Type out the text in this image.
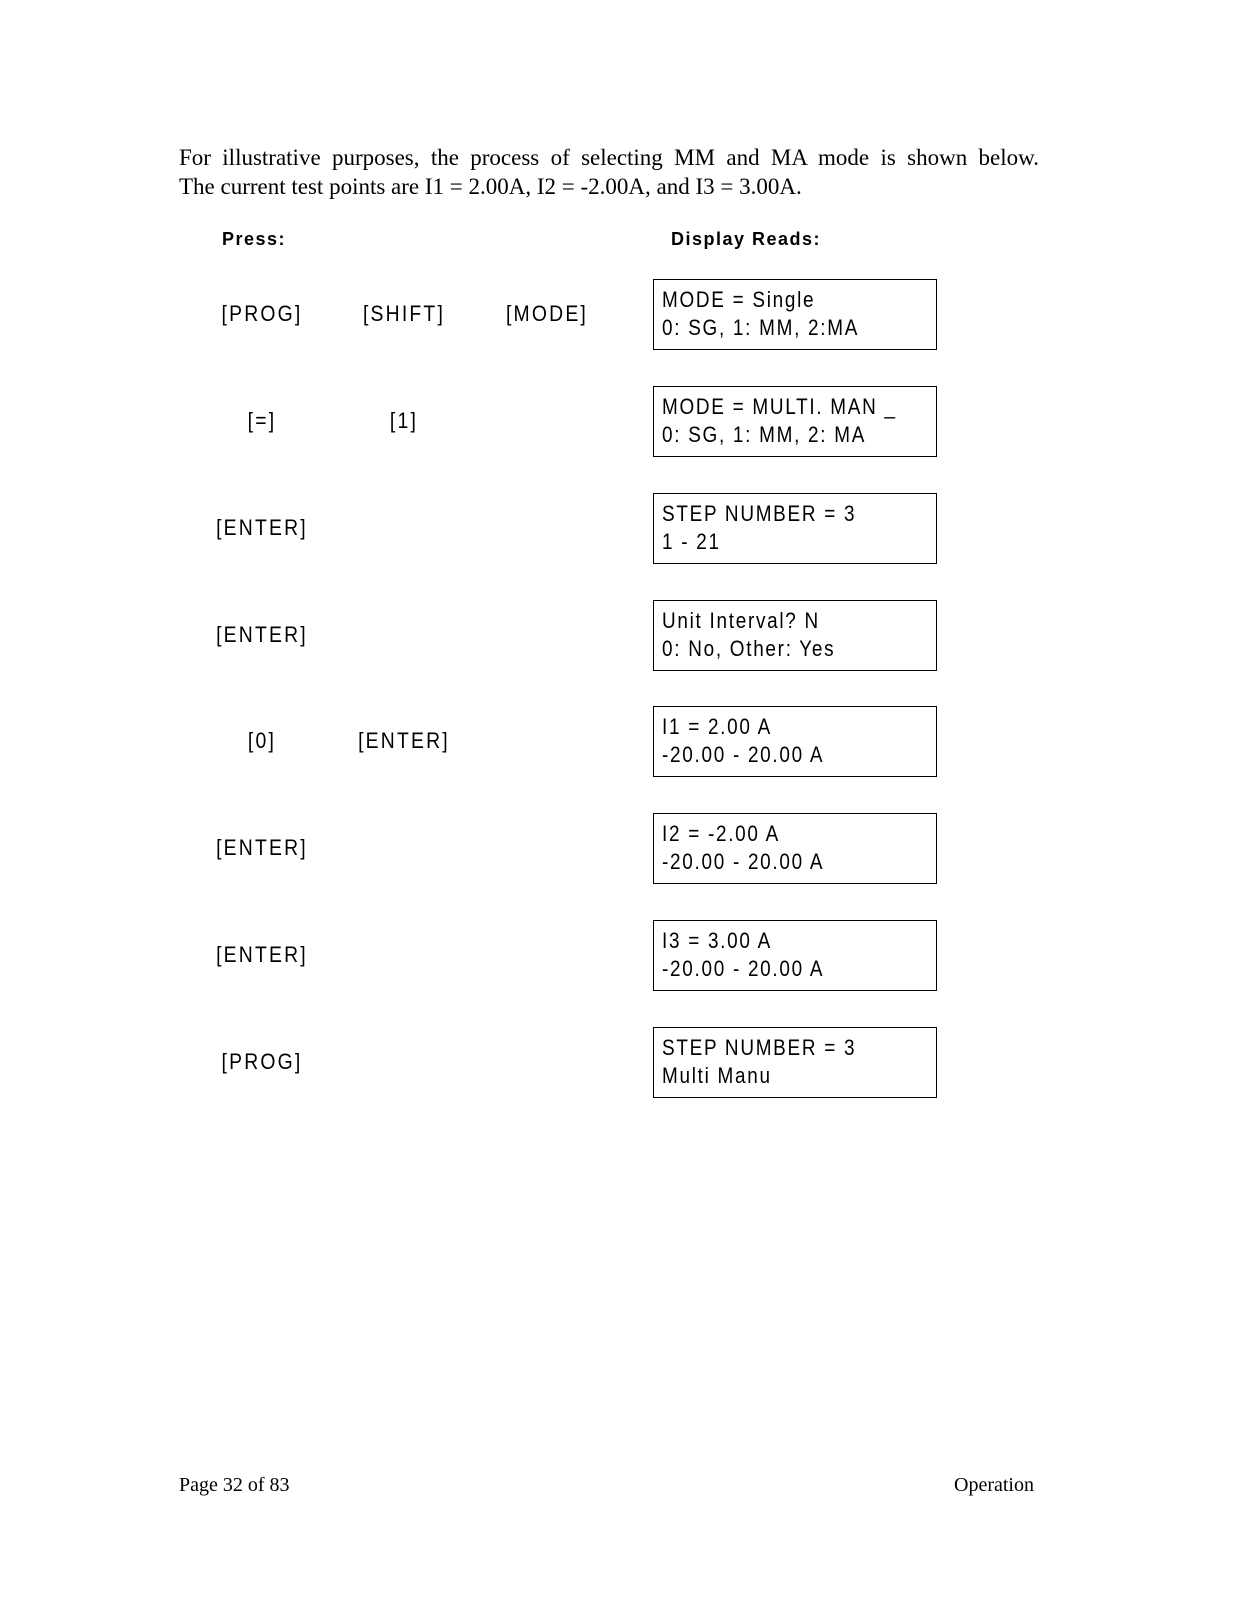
For illustrative purposes, the process of selecting MM and MA mode is shown below.
The current test points are I1 = 2.00A, I2 = -2.00A, and I3 = 3.00A.
Press:	Display Reads:
[PROG]	[SHIFT]	[MODE]
MODE = Single
0: SG, 1: MM, 2:MA
[=]	[1]
MODE = MULTI. MAN _
0: SG, 1: MM, 2: MA
[ENTER]
STEP NUMBER = 3
1 - 21
[ENTER]
Unit Interval? N
0: No, Other: Yes
[0]	[ENTER]
I1 = 2.00 A
-20.00 - 20.00 A
[ENTER]
I2 = -2.00 A
-20.00 - 20.00 A
[ENTER]
I3 = 3.00 A
-20.00 - 20.00 A
[PROG]
STEP NUMBER = 3
Multi Manu
Page 32 of 83	Operation
